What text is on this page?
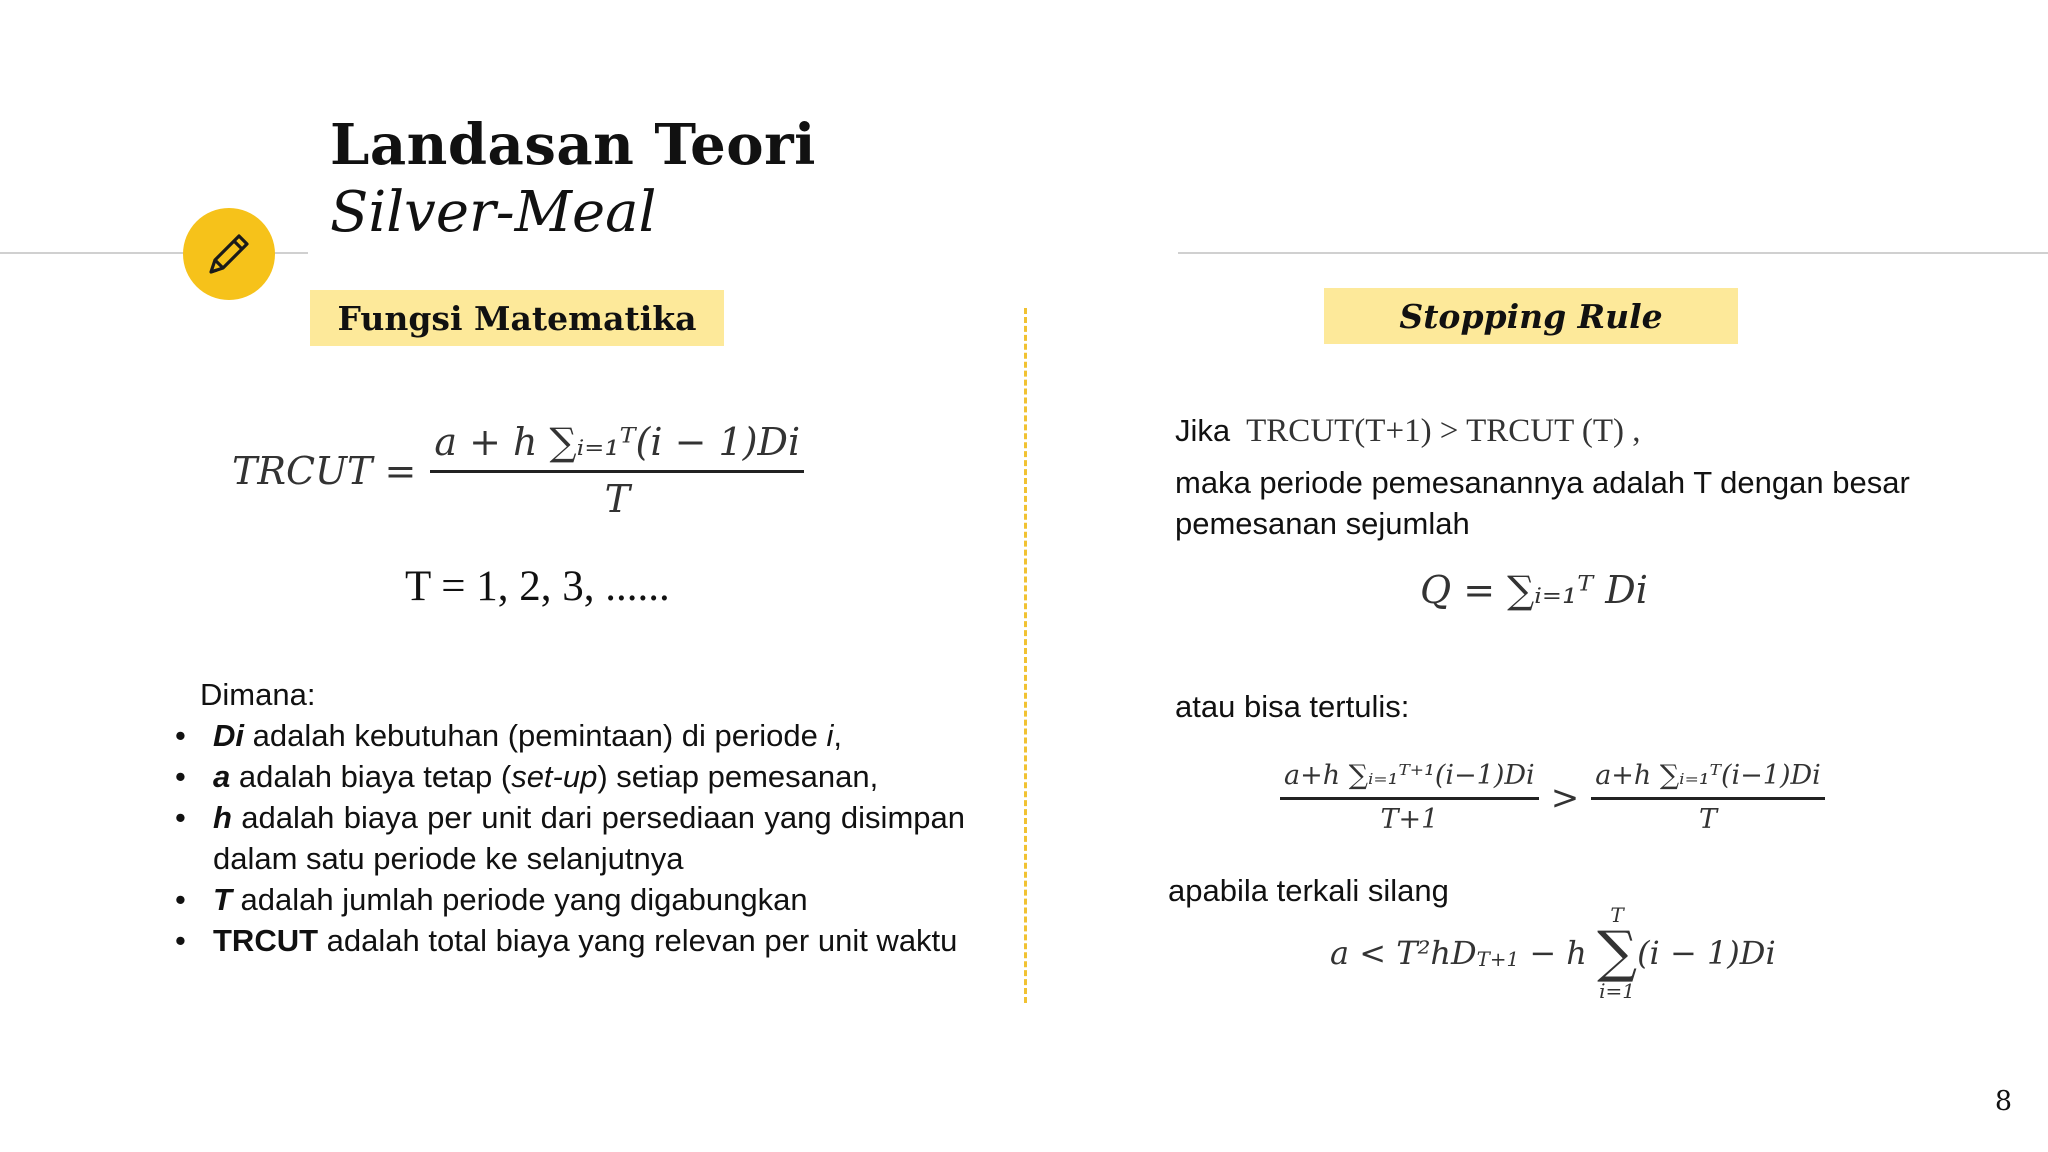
Landasan Teori
Silver-Meal
Fungsi Matematika	Stopping Rule
TRCUT = $\frac{\text{a + h ∑ᵢ₌₁ᵀ(i − 1)Di}}{T}$
T = 1, 2, 3, ......
Dimana:
• Di adalah kebutuhan (pemintaan) di periode i,
• a adalah biaya tetap (set-up) setiap pemesanan,
• h adalah biaya per unit dari persediaan yang disimpan dalam satu periode ke selanjutnya
• T adalah jumlah periode yang digabungkan
• TRCUT adalah total biaya yang relevan per unit waktu
Jika TRCUT(T+1) > TRCUT (T) ,
maka periode pemesanannya adalah T dengan besar pemesanan sejumlah
Q = ∑ᵢ₌₁ᵀ Di
atau bisa tertulis:
$\frac{\text{a+h ∑ᵢ₌₁ᵀ⁺¹(i−1)Di}}{T+1} > \frac{\text{a+h ∑ᵢ₌₁ᵀ(i−1)Di}}{T}$
apabila terkali silang
$a < T^2hD_{T+1} - h$
T
∑
i=1
(i − 1)Di
8
